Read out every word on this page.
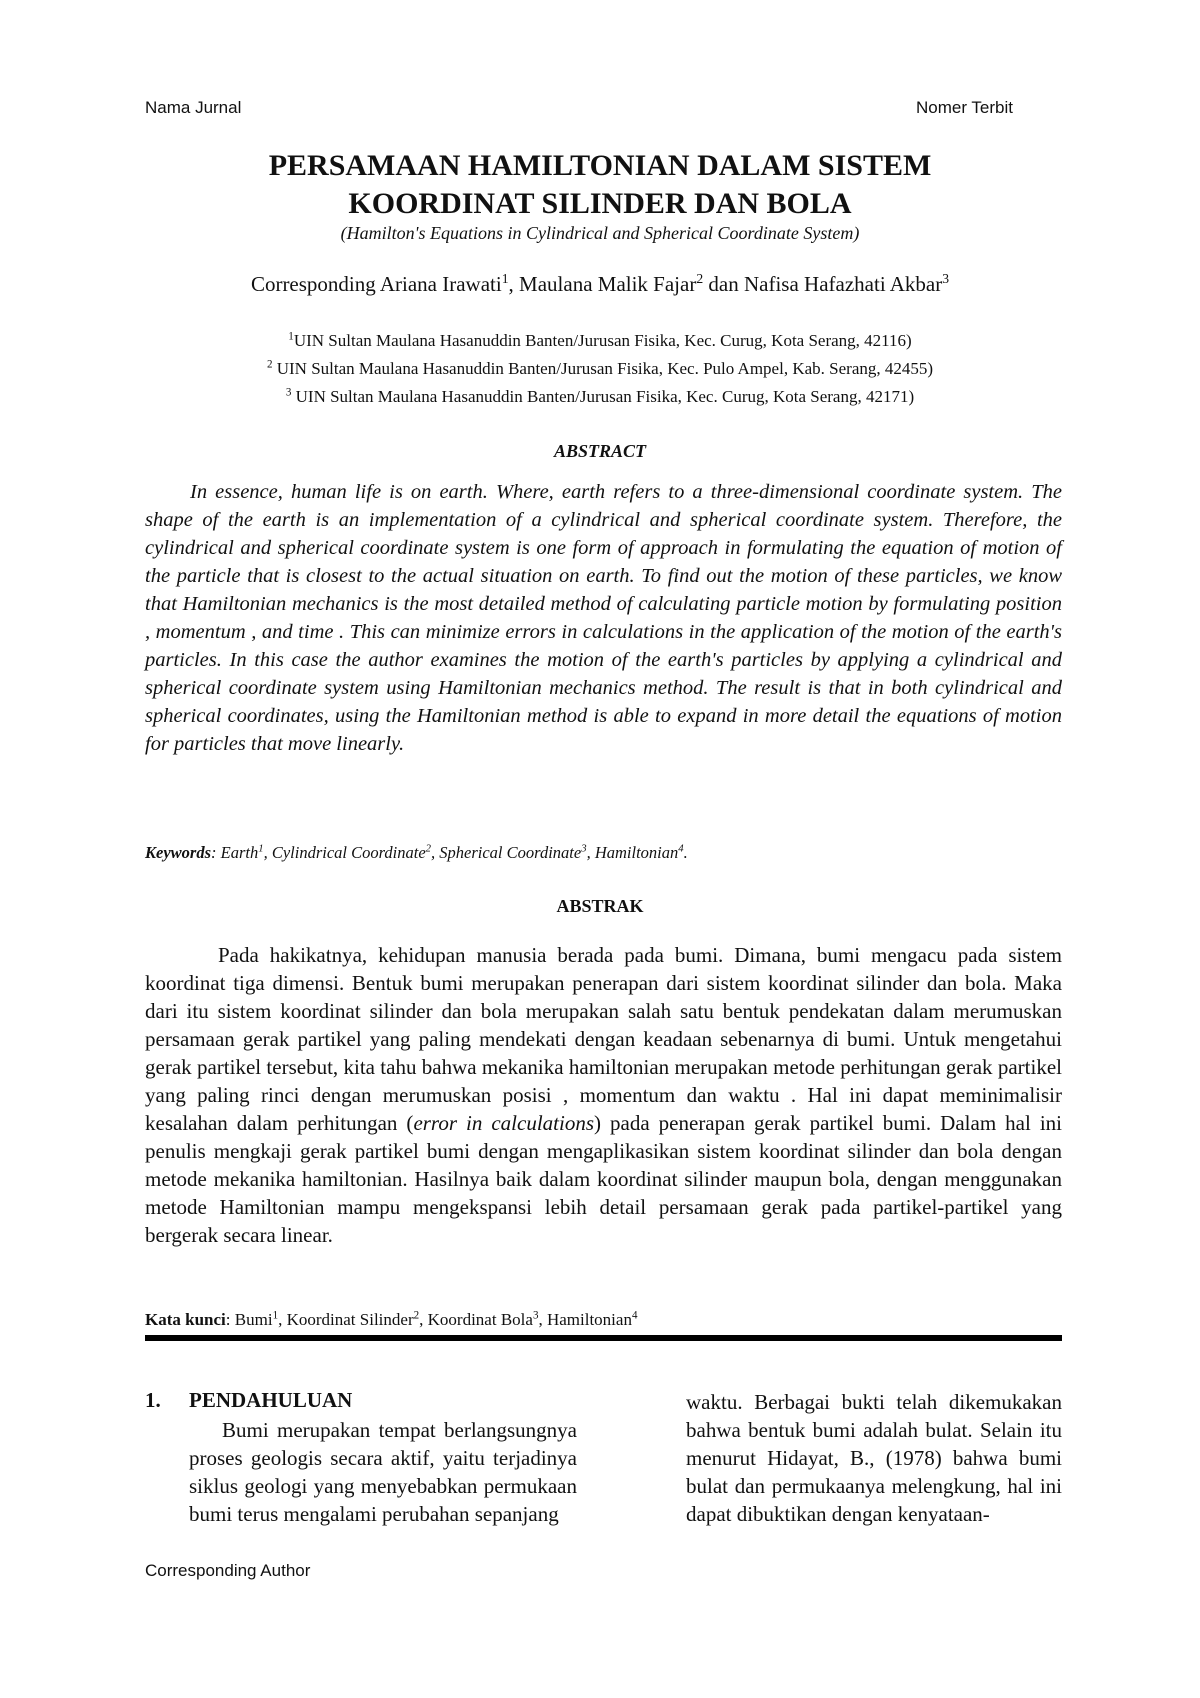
Nama Jurnal	Nomer Terbit
PERSAMAAN HAMILTONIAN DALAM SISTEM
KOORDINAT SILINDER DAN BOLA
(Hamilton's Equations in Cylindrical and Spherical Coordinate System)
Corresponding Ariana Irawati$^1$, Maulana Malik Fajar$^2$ dan Nafisa Hafazhati Akbar$^3$
$^1$UIN Sultan Maulana Hasanuddin Banten/Jurusan Fisika, Kec. Curug, Kota Serang, 42116)
$^2$ UIN Sultan Maulana Hasanuddin Banten/Jurusan Fisika, Kec. Pulo Ampel, Kab. Serang, 42455)
$^3$ UIN Sultan Maulana Hasanuddin Banten/Jurusan Fisika, Kec. Curug, Kota Serang, 42171)
ABSTRACT

In essence, human life is on earth. Where, earth refers to a three-dimensional coordinate system. The shape of the earth is an implementation of a cylindrical and spherical coordinate system. Therefore, the cylindrical and spherical coordinate system is one form of approach in formulating the equation of motion of the particle that is closest to the actual situation on earth. To find out the motion of these particles, we know that Hamiltonian mechanics is the most detailed method of calculating particle motion by formulating position , momentum , and time . This can minimize errors in calculations in the application of the motion of the earth's particles. In this case the author examines the motion of the earth's particles by applying a cylindrical and spherical coordinate system using Hamiltonian mechanics method. The result is that in both cylindrical and spherical coordinates, using the Hamiltonian method is able to expand in more detail the equations of motion for particles that move linearly.

Keywords: Earth$^1$, Cylindrical Coordinate$^2$, Spherical Coordinate$^3$, Hamiltonian$^4$.
ABSTRAK

Pada hakikatnya, kehidupan manusia berada pada bumi. Dimana, bumi mengacu pada sistem koordinat tiga dimensi. Bentuk bumi merupakan penerapan dari sistem koordinat silinder dan bola. Maka dari itu sistem koordinat silinder dan bola merupakan salah satu bentuk pendekatan dalam merumuskan persamaan gerak partikel yang paling mendekati dengan keadaan sebenarnya di bumi. Untuk mengetahui gerak partikel tersebut, kita tahu bahwa mekanika hamiltonian merupakan metode perhitungan gerak partikel yang paling rinci dengan merumuskan posisi , momentum dan waktu . Hal ini dapat meminimalisir kesalahan dalam perhitungan (error in calculations) pada penerapan gerak partikel bumi. Dalam hal ini penulis mengkaji gerak partikel bumi dengan mengaplikasikan sistem koordinat silinder dan bola dengan metode mekanika hamiltonian. Hasilnya baik dalam koordinat silinder maupun bola, dengan menggunakan metode Hamiltonian mampu mengekspansi lebih detail persamaan gerak pada partikel-partikel yang bergerak secara linear.

Kata kunci: Bumi$^1$, Koordinat Silinder$^2$, Koordinat Bola$^3$, Hamiltonian$^4$
1. PENDAHULUAN

Bumi merupakan tempat berlangsungnya proses geologis secara aktif, yaitu terjadinya siklus geologi yang menyebabkan permukaan bumi terus mengalami perubahan sepanjang

waktu. Berbagai bukti telah dikemukakan bahwa bentuk bumi adalah bulat. Selain itu menurut Hidayat, B., (1978) bahwa bumi bulat dan permukaanya melengkung, hal ini dapat dibuktikan dengan kenyataan-

Corresponding Author
